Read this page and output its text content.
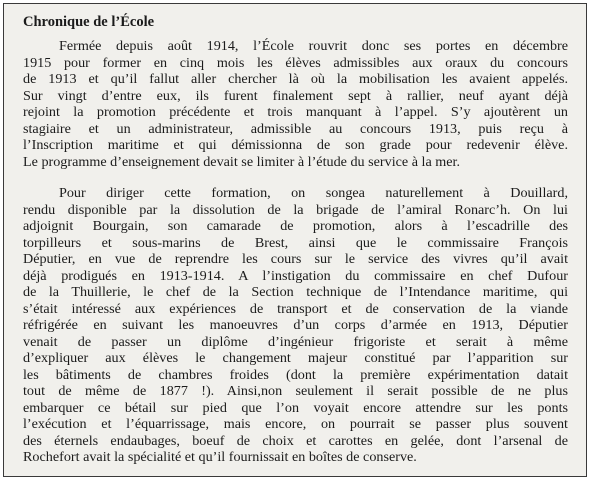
Chronique de l’École
Fermée depuis août 1914, l’École rouvrit donc ses portes en décembre
1915 pour former en cinq mois les élèves admissibles aux oraux du concours
de 1913 et qu’il fallut aller chercher là où la mobilisation les avaient appelés.
Sur vingt d’entre eux, ils furent finalement sept à rallier, neuf ayant déjà
rejoint la promotion précédente et trois manquant à l’appel. S’y ajoutèrent un
stagiaire et un administrateur, admissible au concours 1913, puis reçu à
l’Inscription maritime et qui démissionna de son grade pour redevenir élève.
Le programme d’enseignement devait se limiter à l’étude du service à la mer.
Pour diriger cette formation, on songea naturellement à Douillard,
rendu disponible par la dissolution de la brigade de l’amiral Ronarc’h. On lui
adjoignit Bourgain, son camarade de promotion, alors à l’escadrille des
torpilleurs et sous-marins de Brest, ainsi que le commissaire François
Députier, en vue de reprendre les cours sur le service des vivres qu’il avait
déjà prodigués en 1913-1914. A l’instigation du commissaire en chef Dufour
de la Thuillerie, le chef de la Section technique de l’Intendance maritime, qui
s’était intéressé aux expériences de transport et de conservation de la viande
réfrigérée en suivant les manoeuvres d’un corps d’armée en 1913, Députier
venait de passer un diplôme d’ingénieur frigoriste et serait à même
d’expliquer aux élèves le changement majeur constitué par l’apparition sur
les bâtiments de chambres froides (dont la première expérimentation datait
tout de même de 1877 !). Ainsi,non seulement il serait possible de ne plus
embarquer ce bétail sur pied que l’on voyait encore attendre sur les ponts
l’exécution et l’équarrissage, mais encore, on pourrait se passer plus souvent
des éternels endaubages, boeuf de choix et carottes en gelée, dont l’arsenal de
Rochefort avait la spécialité et qu’il fournissait en boîtes de conserve.
